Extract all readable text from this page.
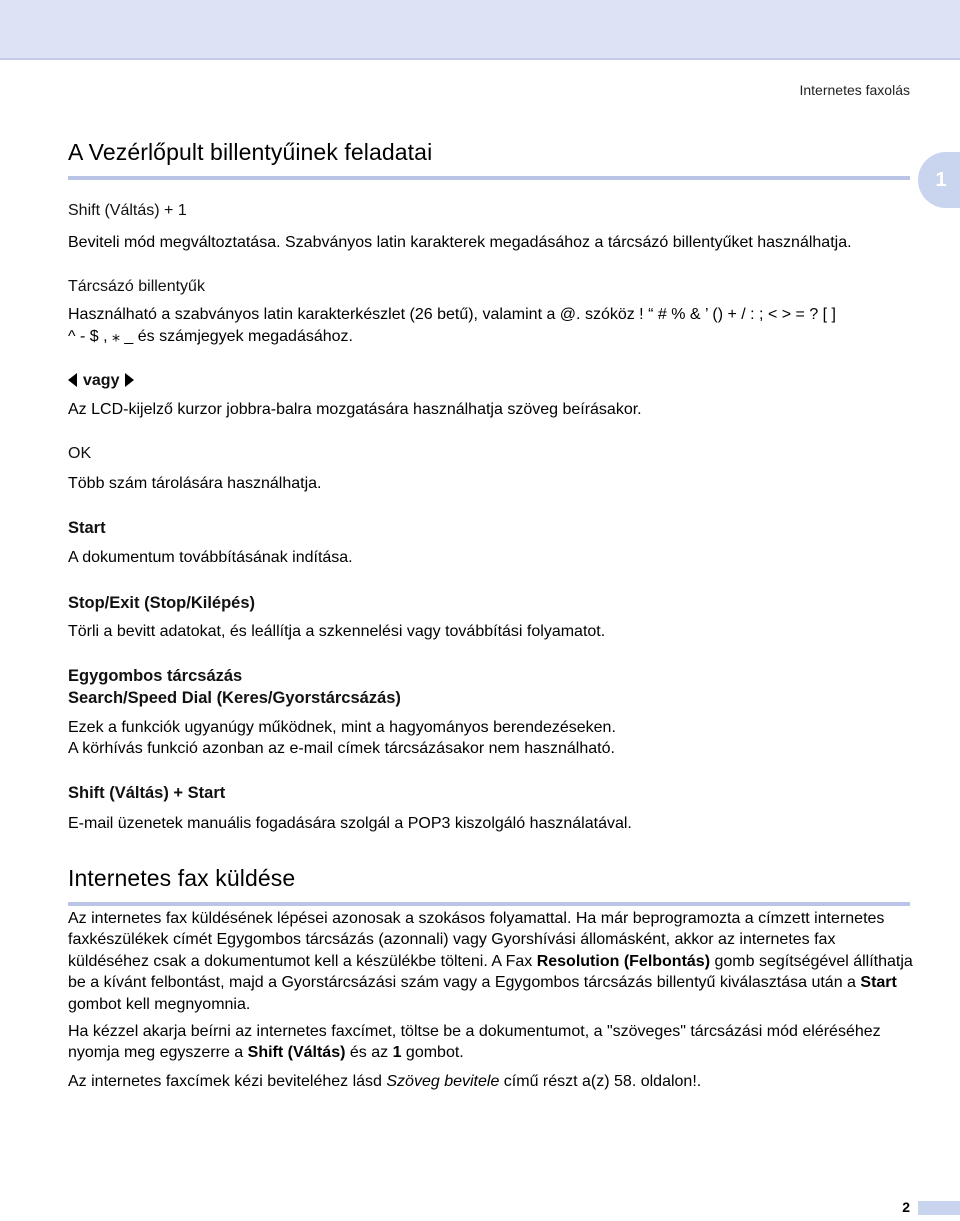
Internetes faxolás
1
A Vezérlőpult billentyűinek feladatai

Shift (Váltás) + 1

Beviteli mód megváltoztatása. Szabványos latin karakterek megadásához a tárcsázó billentyűket használhatja.

Tárcsázó billentyűk

Használható a szabványos latin karakterkészlet (26 betű), valamint a @. szóköz ! “ # % & ’ () + / : ; < > = ? [ ]

^ - $ , ⁎ _ és számjegyek megadásához.

vagy

Az LCD-kijelző kurzor jobbra-balra mozgatására használhatja szöveg beírásakor.

OK

Több szám tárolására használhatja.

Start

A dokumentum továbbításának indítása.

Stop/Exit (Stop/Kilépés)

Törli a bevitt adatokat, és leállítja a szkennelési vagy továbbítási folyamatot.

Egygombos tárcsázás

Search/Speed Dial (Keres/Gyorstárcsázás)

Ezek a funkciók ugyanúgy működnek, mint a hagyományos berendezéseken.

A körhívás funkció azonban az e-mail címek tárcsázásakor nem használható.

Shift (Váltás) + Start

E-mail üzenetek manuális fogadására szolgál a POP3 kiszolgáló használatával.

Internetes fax küldése

Az internetes fax küldésének lépései azonosak a szokásos folyamattal. Ha már beprogramozta a címzett internetes faxkészülékek címét Egygombos tárcsázás (azonnali) vagy Gyorshívási állomásként, akkor az internetes fax küldéséhez csak a dokumentumot kell a készülékbe tölteni. A Fax Resolution (Felbontás) gomb segítségével állíthatja be a kívánt felbontást, majd a Gyorstárcsázási szám vagy a Egygombos tárcsázás billentyű kiválasztása után a Start gombot kell megnyomnia.

Ha kézzel akarja beírni az internetes faxcímet, töltse be a dokumentumot, a "szöveges" tárcsázási mód eléréséhez nyomja meg egyszerre a Shift (Váltás) és az 1 gombot.

Az internetes faxcímek kézi beviteléhez lásd Szöveg bevitele című részt a(z) 58. oldalon!.

2
